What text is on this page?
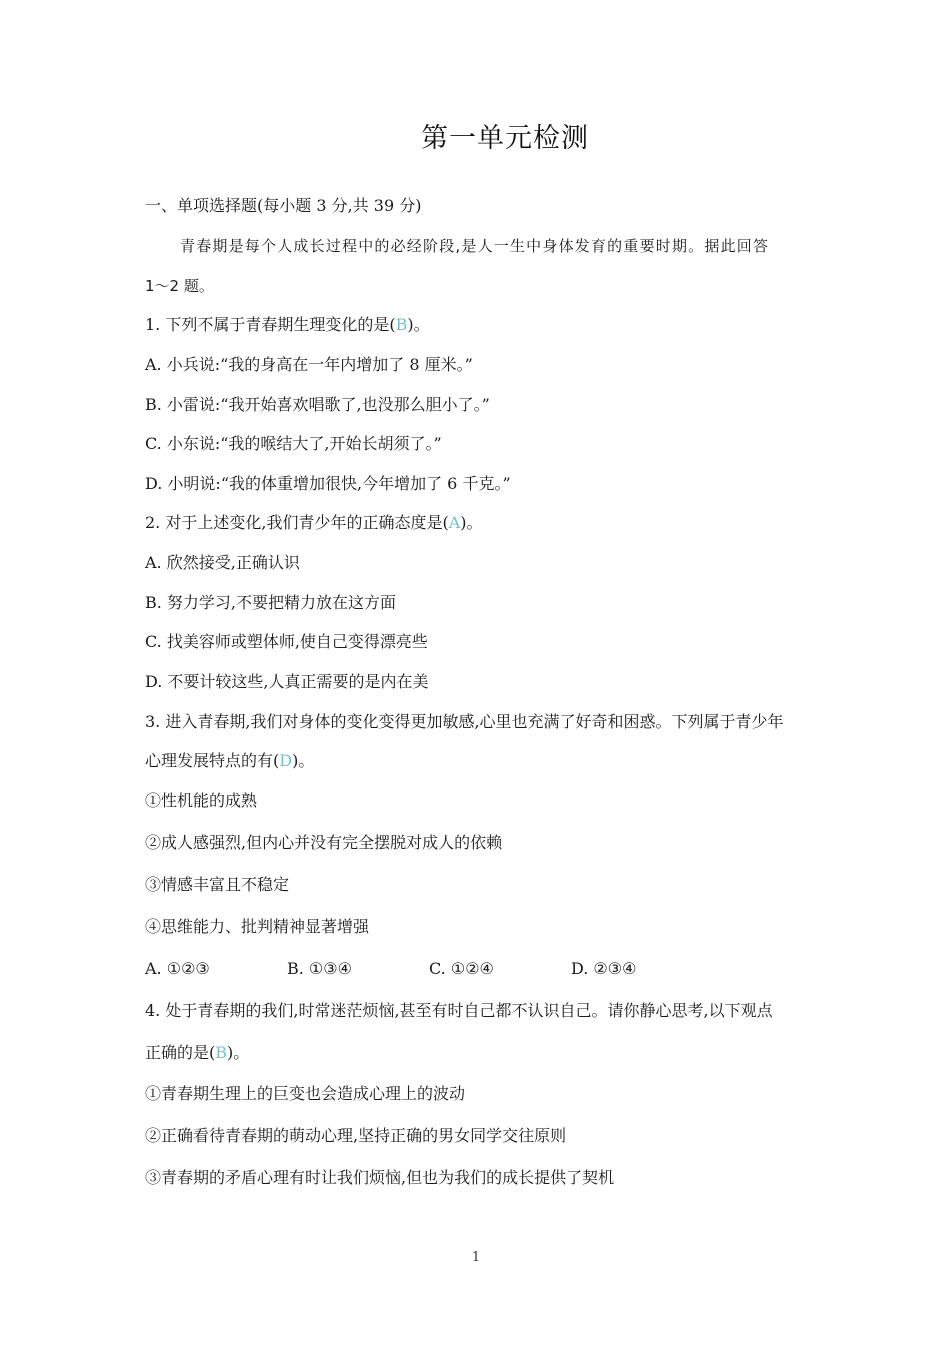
第一单元检测
一、单项选择题(每小题 3 分,共 39 分)
青春期是每个人成长过程中的必经阶段,是人一生中身体发育的重要时期。据此回答
1～2 题。
1. 下列不属于青春期生理变化的是(B)。
A. 小兵说:“我的身高在一年内增加了 8 厘米。”
B. 小雷说:“我开始喜欢唱歌了,也没那么胆小了。”
C. 小东说:“我的喉结大了,开始长胡须了。”
D. 小明说:“我的体重增加很快,今年增加了 6 千克。”
2. 对于上述变化,我们青少年的正确态度是(A)。
A. 欣然接受,正确认识
B. 努力学习,不要把精力放在这方面
C. 找美容师或塑体师,使自己变得漂亮些
D. 不要计较这些,人真正需要的是内在美
3. 进入青春期,我们对身体的变化变得更加敏感,心里也充满了好奇和困惑。下列属于青少年
心理发展特点的有(D)。
①性机能的成熟
②成人感强烈,但内心并没有完全摆脱对成人的依赖
③情感丰富且不稳定
④思维能力、批判精神显著增强
A. ①②③	B. ①③④	C. ①②④	D. ②③④
4. 处于青春期的我们,时常迷茫烦恼,甚至有时自己都不认识自己。请你静心思考,以下观点
正确的是(B)。
①青春期生理上的巨变也会造成心理上的波动
②正确看待青春期的萌动心理,坚持正确的男女同学交往原则
③青春期的矛盾心理有时让我们烦恼,但也为我们的成长提供了契机
1
